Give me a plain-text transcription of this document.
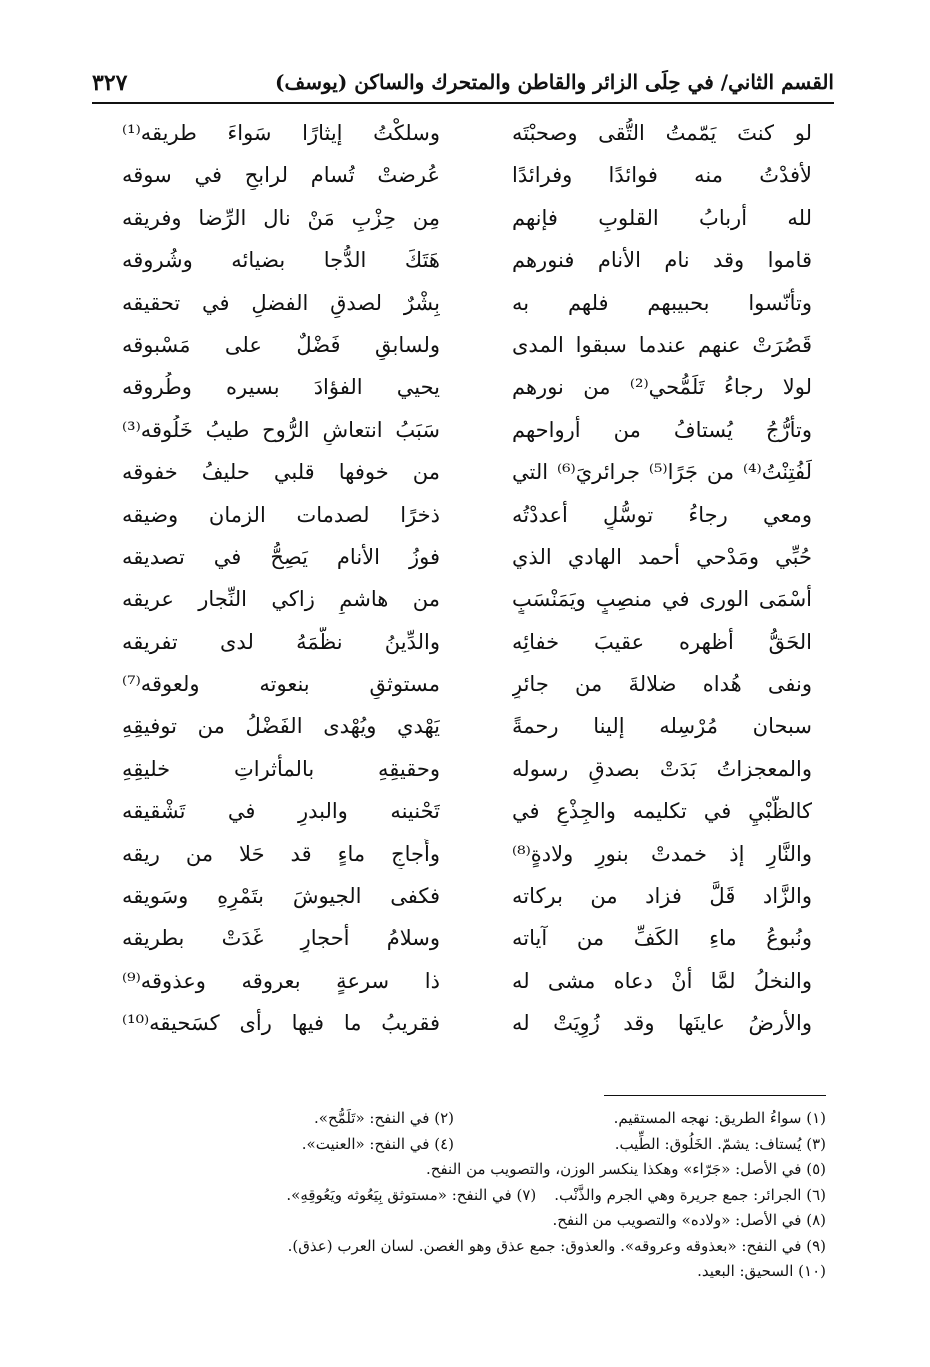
القسم الثاني/ في حِلَى الزائر والقاطن والمتحرك والساكن (يوسف)
٣٢٧
لو كنتَ يَمّمتُ التُّقى وصحبْتَه
وسلكْتُ إيثارًا سَواءَ طريقه⁽¹⁾
لأفدْتُ منه فوائدًا وفرائدًا
عُرضتْ تُسام لرابحٍ في سوقه
لله أربابُ القلوبِ فإنهم
مِن حِزْبِ مَنْ نال الرِّضا وفريقه
قاموا وقد نام الأنام فنورهم
هَتَكَ الدُّجا بضيائه وشُروقه
وتأنّسوا بحبيبهم فلهم به
بِشْرٌ لصدقِ الفضلِ في تحقيقه
قَصُرَتْ عنهم عندما سبقوا المدى
ولسابقٍ فَضْلٌ على مَسْبوقه
لولا رجاءُ تَلَمُّحي⁽²⁾ من نورهم
يحيي الفؤادَ بسيره وطُروقه
وتأرُّجُ يُستافُ من أرواحهم
سَبَبُ انتعاشِ الرُّوح طيبُ خَلُوقه⁽³⁾
لَفُتِنْتُ⁽⁴⁾ من جَرًا⁽⁵⁾ جرائريَ⁽⁶⁾ التي
من خوفها قلبي حليفُ خفوقه
ومعي رجاءُ توسُّلٍ أعددْتُه
ذخرًا لصدمات الزمان وضيقه
حُبِّي ومَدْحي أحمد الهادي الذي
فوزُ الأنام يَصِحُّ في تصديقه
أسْمَى الورى في منصِبٍ ويَمَنْسَبٍ
من هاشمٍ زاكي النِّجار عريقه
الحَقُّ أظهره عقيبَ خفائِه
والدِّينُ نظَّمَهُ لدى تفريقه
ونفى هُداه ضلالةَ من جائرٍ
مستوثقٍ بنعوته ولعوقه⁽⁷⁾
سبحان مُرْسِله إلينا رحمةً
يَهْدي ويُهْدى الفَضْلُ من توفيقِهِ
والمعجزاتُ بَدَتْ بصدقِ رسوله
وحقيقِهِ بالمأثراتِ خليقِهِ
كالظَّبْيِ في تكليمه والجِذْعِ في
تَحْنينه والبدرِ في تَشْقيقه
والنَّارِ إذ خمدتْ بنورِ ولادةٍ⁽⁸⁾
وأُجاجِ ماءٍ قد حَلا من ريقه
والزَّاد قَلَّ فزاد من بركاته
فكفى الجيوشَ بتَمْرِهِ وسَويقه
ونُبوعُ ماءِ الكَفِّ من آياته
وسلامُ أحجارٍ غَدَتْ بطريقه
والنخلُ لمَّا أنْ دعاه مشى له
ذا سرعةٍ بعروقه وعذوقه⁽⁹⁾
والأرضُ عاينَها وقد زُوِيَتْ له
فقريبُ ما فيها رأى كسَحيقه⁽¹⁰⁾
(١) سواءُ الطريق: نهجه المستقيم.
(٢) في النفح: «تَلَمُّح».
(٣) يُستاف: يشمّ. الخَلُوق: الطِّيب.
(٤) في النفح: «العنيت».
(٥) في الأصل: «جَرّاء» وهكذا ينكسر الوزن، والتصويب من النفح.
(٦) الجرائر: جمع جريرة وهي الجرم والذَّنْب.(٧) في النفح: «مستوثق بِيَعُوثه ويَعُوقِهِ».
(٨) في الأصل: «ولاده» والتصويب من النفح.
(٩) في النفح: «بعذوقه وعروقه». والعذوق: جمع عذق وهو الغصن. لسان العرب (عذق).
(١٠) السحيق: البعيد.
